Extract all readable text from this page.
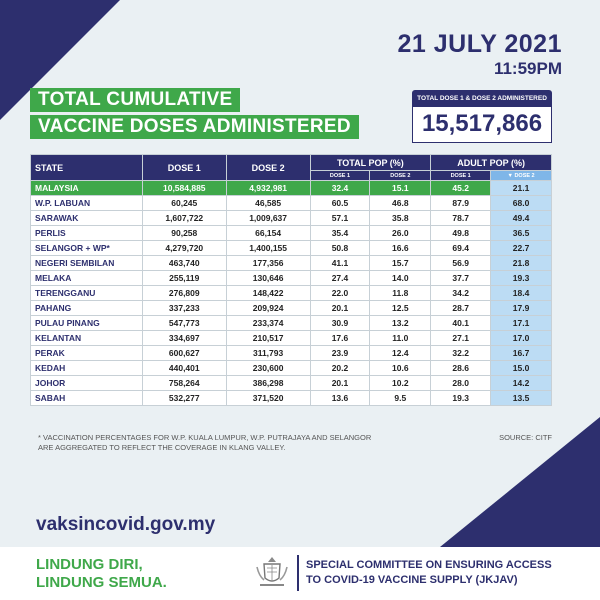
21 JULY 2021
11:59PM
TOTAL CUMULATIVE
VACCINE DOSES ADMINISTERED
TOTAL DOSE 1 & DOSE 2 ADMINISTERED
15,517,866
STATE	DOSE 1	DOSE 2	TOTAL POP (%)		ADULT POP (%)	
			DOSE 1	DOSE 2	DOSE 1	▼ DOSE 2
MALAYSIA	10,584,885	4,932,981	32.4	15.1	45.2	21.1
W.P. LABUAN	60,245	46,585	60.5	46.8	87.9	68.0
SARAWAK	1,607,722	1,009,637	57.1	35.8	78.7	49.4
PERLIS	90,258	66,154	35.4	26.0	49.8	36.5
SELANGOR + WP*	4,279,720	1,400,155	50.8	16.6	69.4	22.7
NEGERI SEMBILAN	463,740	177,356	41.1	15.7	56.9	21.8
MELAKA	255,119	130,646	27.4	14.0	37.7	19.3
TERENGGANU	276,809	148,422	22.0	11.8	34.2	18.4
PAHANG	337,233	209,924	20.1	12.5	28.7	17.9
PULAU PINANG	547,773	233,374	30.9	13.2	40.1	17.1
KELANTAN	334,697	210,517	17.6	11.0	27.1	17.0
PERAK	600,627	311,793	23.9	12.4	32.2	16.7
KEDAH	440,401	230,600	20.2	10.6	28.6	15.0
JOHOR	758,264	386,298	20.1	10.2	28.0	14.2
SABAH	532,277	371,520	13.6	9.5	19.3	13.5
* VACCINATION PERCENTAGES FOR W.P. KUALA LUMPUR, W.P. PUTRAJAYA AND SELANGOR ARE AGGREGATED TO REFLECT THE COVERAGE IN KLANG VALLEY.
SOURCE: CITF
vaksincovid.gov.my
LINDUNG DIRI,
LINDUNG SEMUA.
SPECIAL COMMITTEE ON ENSURING ACCESS
TO COVID-19 VACCINE SUPPLY (JKJAV)
